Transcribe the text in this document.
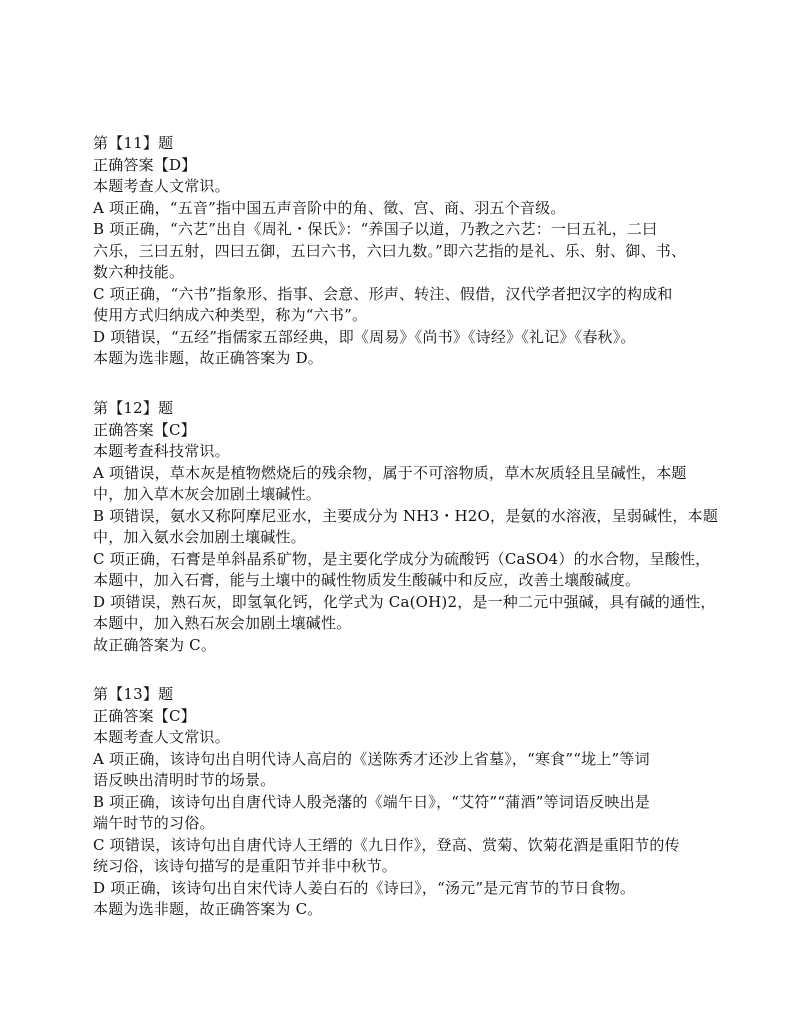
第【11】题
正确答案【D】
本题考查人文常识。
A 项正确，“五音”指中国五声音阶中的角、徵、宫、商、羽五个音级。
B 项正确，“六艺”出自《周礼・保氏》：“养国子以道，乃教之六艺：一曰五礼，二曰
六乐，三曰五射，四曰五御，五曰六书，六曰九数。”即六艺指的是礼、乐、射、御、书、
数六种技能。
C 项正确，“六书”指象形、指事、会意、形声、转注、假借，汉代学者把汉字的构成和
使用方式归纳成六种类型，称为“六书”。
D 项错误，“五经”指儒家五部经典，即《周易》《尚书》《诗经》《礼记》《春秋》。
本题为选非题，故正确答案为 D。
第【12】题
正确答案【C】
本题考查科技常识。
A 项错误，草木灰是植物燃烧后的残余物，属于不可溶物质，草木灰质轻且呈碱性，本题
中，加入草木灰会加剧土壤碱性。
B 项错误，氨水又称阿摩尼亚水，主要成分为 NH3・H2O，是氨的水溶液，呈弱碱性，本题
中，加入氨水会加剧土壤碱性。
C 项正确，石膏是单斜晶系矿物，是主要化学成分为硫酸钙（CaSO4）的水合物，呈酸性，
本题中，加入石膏，能与土壤中的碱性物质发生酸碱中和反应，改善土壤酸碱度。
D 项错误，熟石灰，即氢氧化钙，化学式为 Ca(OH)2，是一种二元中强碱，具有碱的通性，
本题中，加入熟石灰会加剧土壤碱性。
故正确答案为 C。
第【13】题
正确答案【C】
本题考查人文常识。
A 项正确，该诗句出自明代诗人高启的《送陈秀才还沙上省墓》，“寒食”“垅上”等词
语反映出清明时节的场景。
B 项正确，该诗句出自唐代诗人殷尧藩的《端午日》，“艾符”“蒲酒”等词语反映出是
端午时节的习俗。
C 项错误，该诗句出自唐代诗人王缙的《九日作》，登高、赏菊、饮菊花酒是重阳节的传
统习俗，该诗句描写的是重阳节并非中秋节。
D 项正确，该诗句出自宋代诗人姜白石的《诗曰》，“汤元”是元宵节的节日食物。
本题为选非题，故正确答案为 C。
